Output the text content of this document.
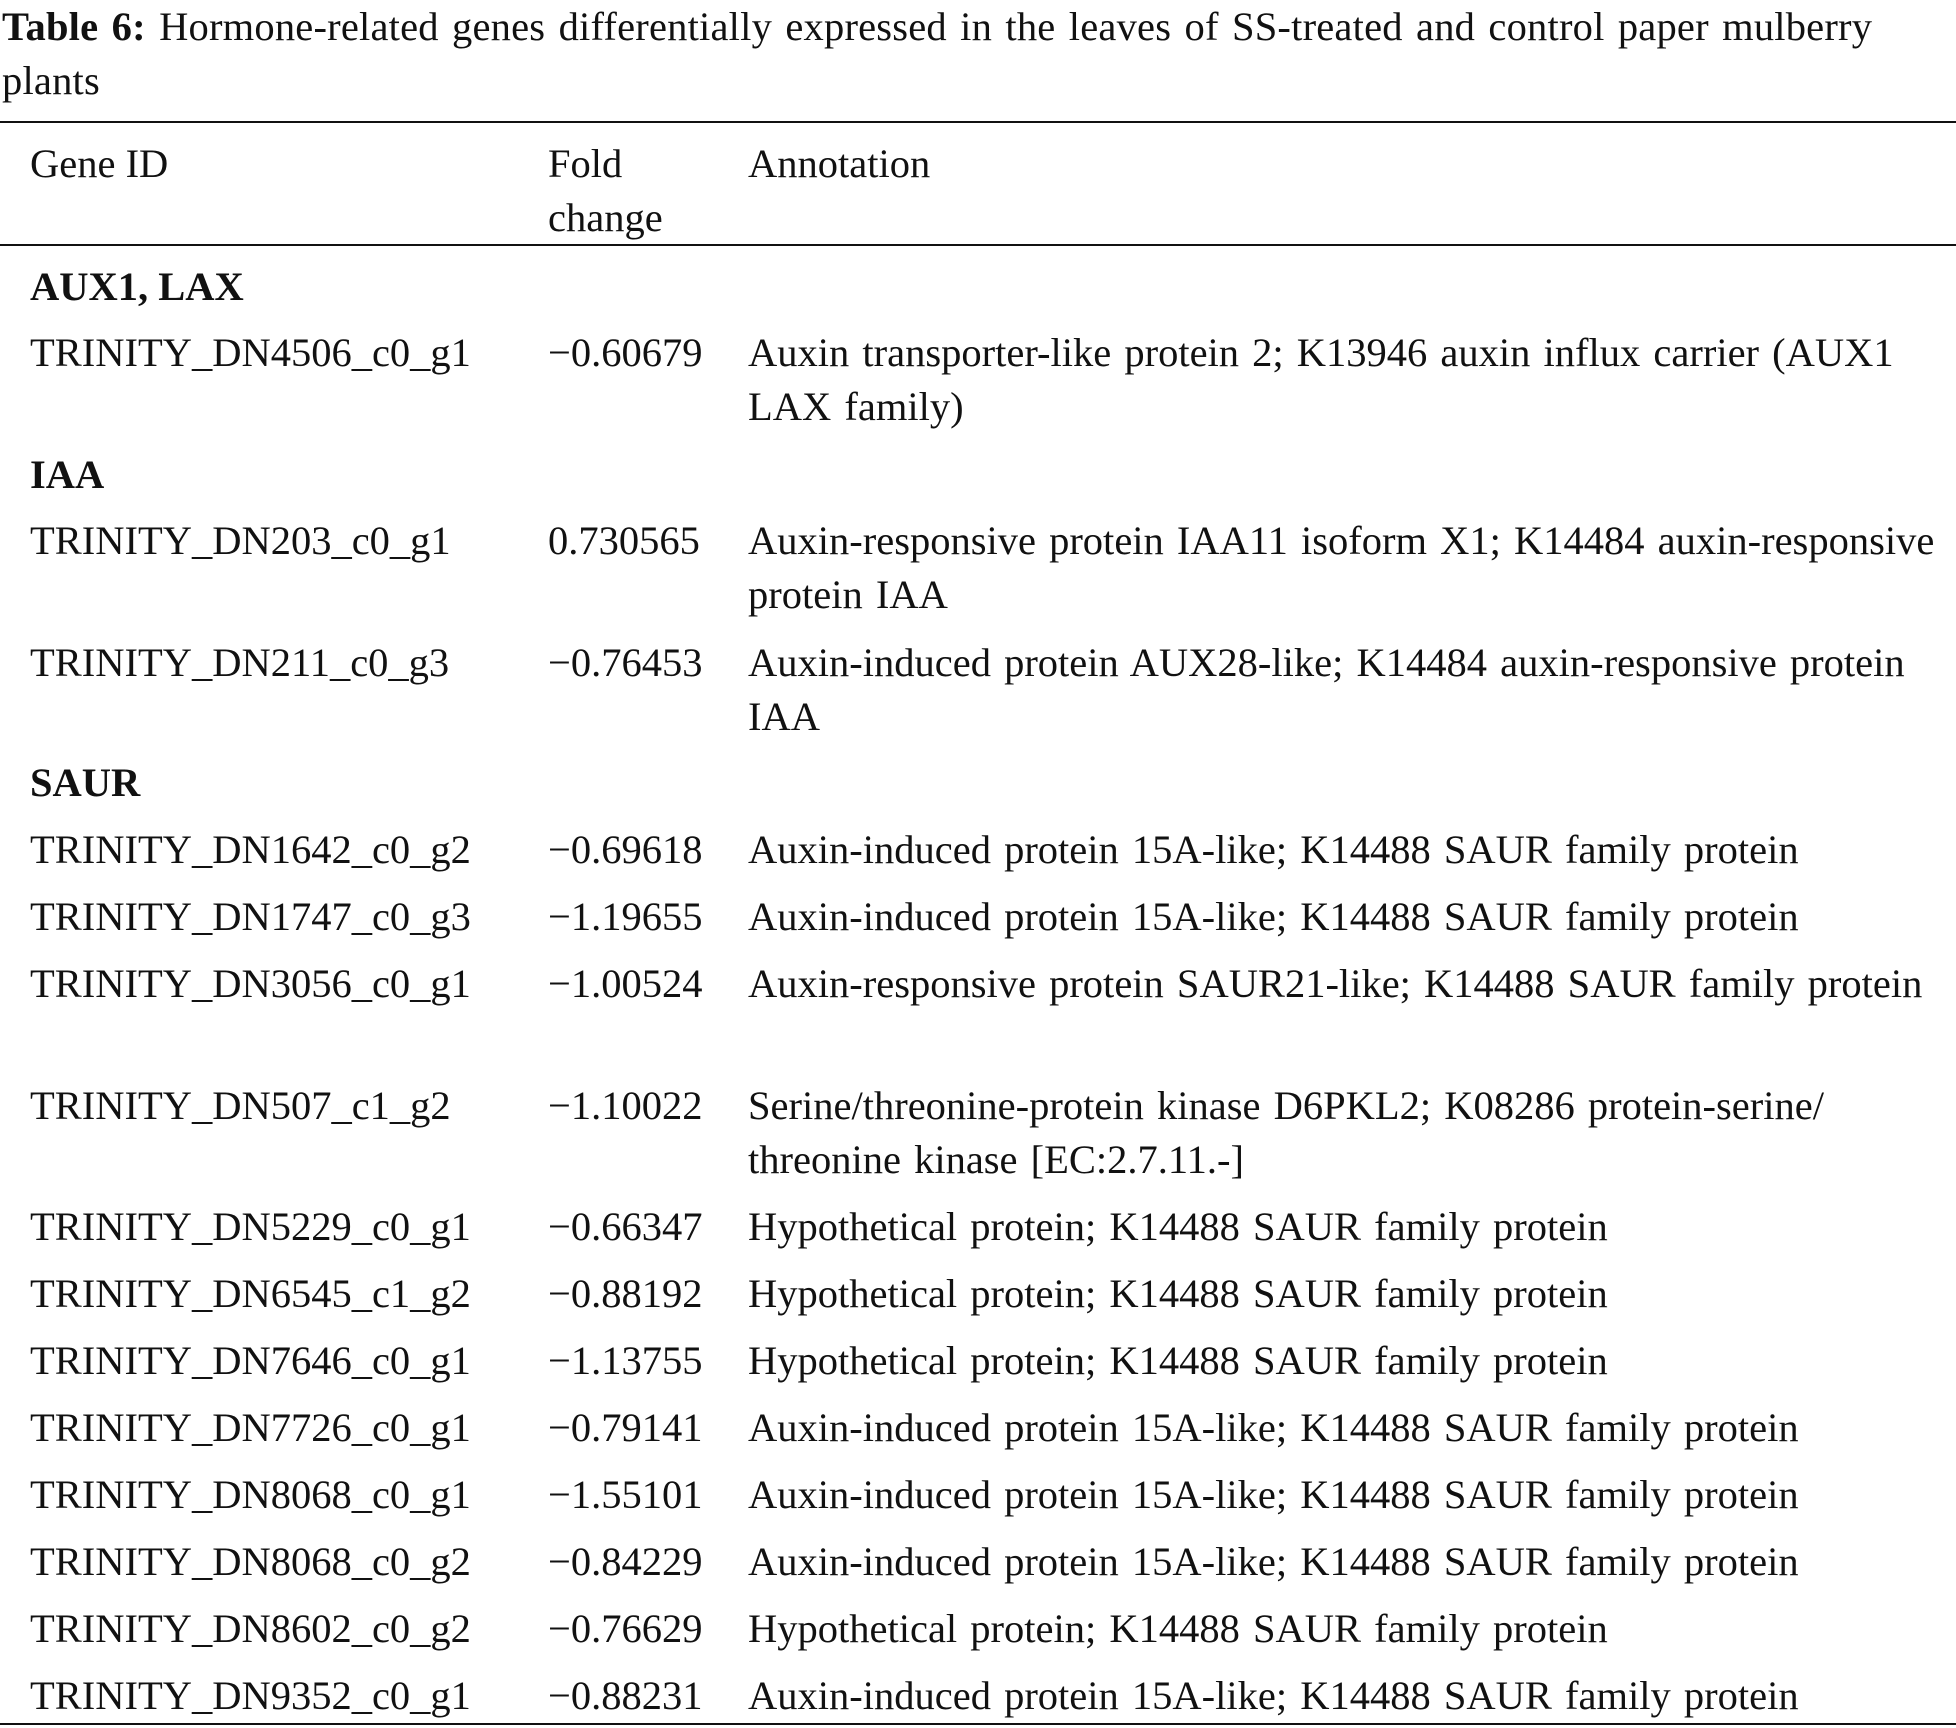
Table 6: Hormone-related genes differentially expressed in the leaves of SS-treated and control paper mulberry plants
Gene ID	Fold
change
Annotation
AUX1, LAX
TRINITY_DN4506_c0_g1 −0.60679 Auxin transporter-like protein 2; K13946 auxin influx carrier (AUX1 LAX family)
IAA
TRINITY_DN203_c0_g1 0.730565 Auxin-responsive protein IAA11 isoform X1; K14484 auxin-responsive protein IAA
TRINITY_DN211_c0_g3 −0.76453 Auxin-induced protein AUX28-like; K14484 auxin-responsive protein IAA
SAUR
TRINITY_DN1642_c0_g2 −0.69618 Auxin-induced protein 15A-like; K14488 SAUR family protein
TRINITY_DN1747_c0_g3 −1.19655 Auxin-induced protein 15A-like; K14488 SAUR family protein
TRINITY_DN3056_c0_g1 −1.00524 Auxin-responsive protein SAUR21-like; K14488 SAUR family protein
TRINITY_DN507_c1_g2 −1.10022 Serine/threonine-protein kinase D6PKL2; K08286 protein-serine/ threonine kinase [EC:2.7.11.-]
TRINITY_DN5229_c0_g1 −0.66347 Hypothetical protein; K14488 SAUR family protein
TRINITY_DN6545_c1_g2 −0.88192 Hypothetical protein; K14488 SAUR family protein
TRINITY_DN7646_c0_g1 −1.13755 Hypothetical protein; K14488 SAUR family protein
TRINITY_DN7726_c0_g1 −0.79141 Auxin-induced protein 15A-like; K14488 SAUR family protein
TRINITY_DN8068_c0_g1 −1.55101 Auxin-induced protein 15A-like; K14488 SAUR family protein
TRINITY_DN8068_c0_g2 −0.84229 Auxin-induced protein 15A-like; K14488 SAUR family protein
TRINITY_DN8602_c0_g2 −0.76629 Hypothetical protein; K14488 SAUR family protein
TRINITY_DN9352_c0_g1 −0.88231 Auxin-induced protein 15A-like; K14488 SAUR family protein
